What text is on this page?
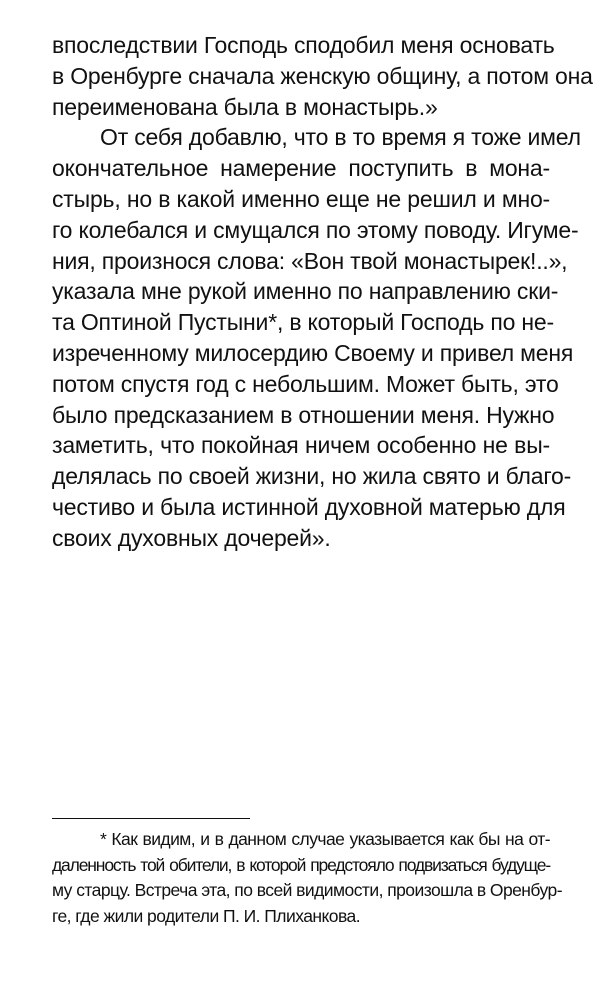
впоследствии Господь сподобил меня основать
в Оренбурге сначала женскую общину, а потом она
переименована была в монастырь.»
От себя добавлю, что в то время я тоже имел
окончательное намерение поступить в мона-
стырь, но в какой именно еще не решил и мно-
го колебался и смущался по этому поводу. Игуме-
ния, произнося слова: «Вон твой монастырек!..»,
указала мне рукой именно по направлению ски-
та Оптиной Пустыни*, в который Господь по не-
изреченному милосердию Своему и привел меня
потом спустя год с небольшим. Может быть, это
было предсказанием в отношении меня. Нужно
заметить, что покойная ничем особенно не вы-
делялась по своей жизни, но жила свято и благо-
честиво и была истинной духовной матерью для
своих духовных дочерей».
* Как видим, и в данном случае указывается как бы на от-
даленность той обители, в которой предстояло подвизаться будуще-
му старцу. Встреча эта, по всей видимости, произошла в Оренбур-
ге, где жили родители П. И. Плиханкова.
